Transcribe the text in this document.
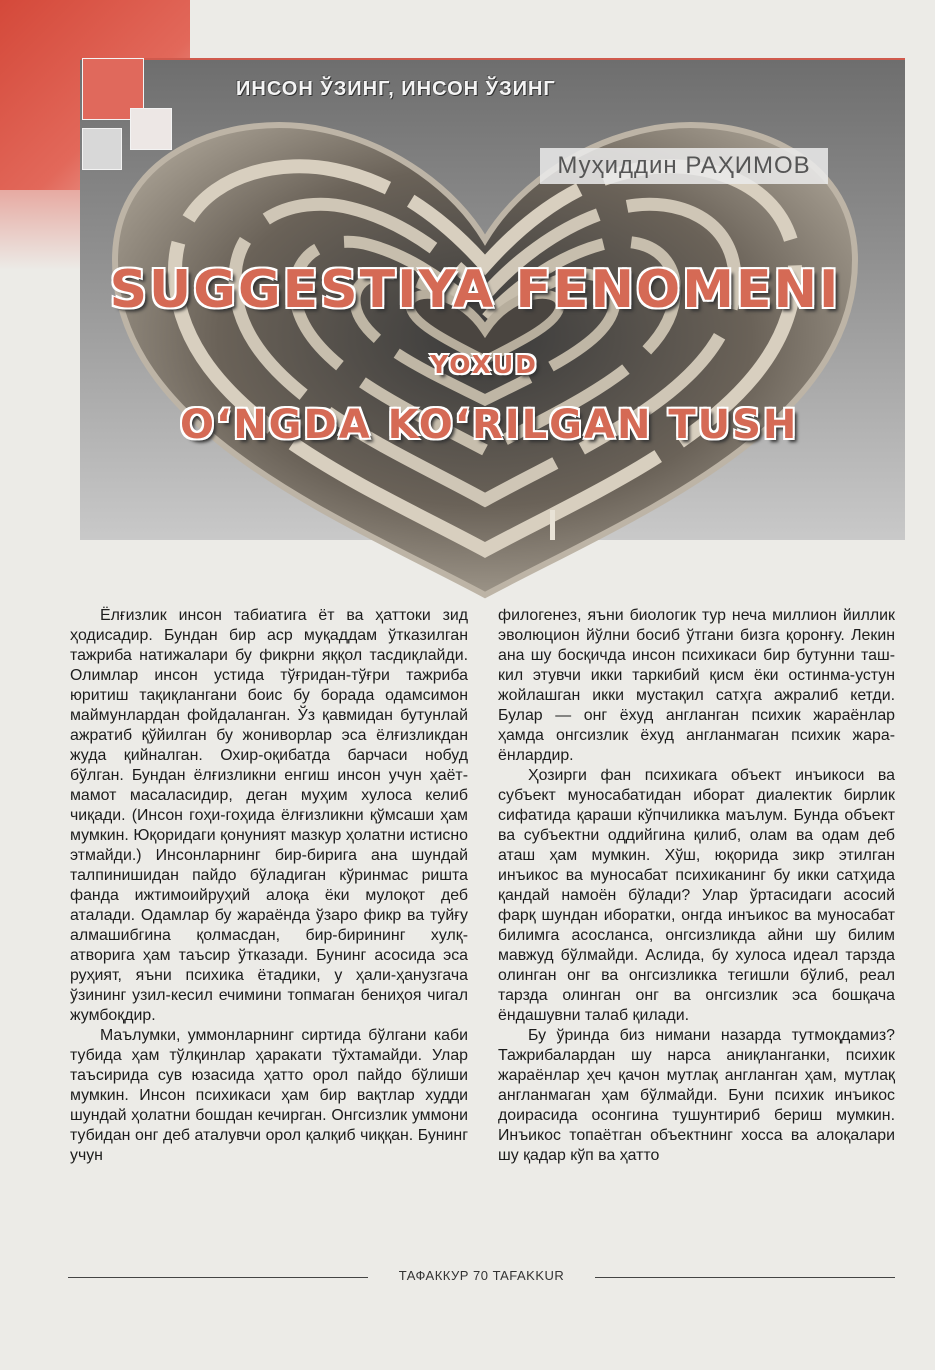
ИНСОН ЎЗИНГ, ИНСОН ЎЗИНГ
Муҳиддин РАҲИМОВ
SUGGESTIYA FENOMENI
YOXUD
O‘NGDA KO‘RILGAN TUSH

Ёлғизлик инсон табиатига ёт ва ҳаттоки зид ҳодисадир. Бундан бир аср муқаддам ўтказилган тажриба натижалари бу фикрни яққол тасдиқлайди. Олимлар инсон устида тўғридан-тўғри тажриба юритиш тақиқлангани боис бу борада одамсимон маймунлардан фойдаланган. Ўз қавмидан бутунлай ажратиб қўйилган бу жониворлар эса ёлғизликдан жуда қийналган. Охир-оқибатда барчаси нобуд бўлган. Бундан ёлғизликни енгиш инсон учун ҳаёт-мамот масаласидир, деган муҳим хулоса келиб чиқади. (Инсон гоҳи-гоҳида ёлғизликни қўмсаши ҳам мумкин. Юқоридаги қонуният мазкур ҳолатни истисно этмайди.) Инсонларнинг бир-бирига ана шундай талпинишидан пайдо бўладиган кўринмас ришта фанда ижтимоийруҳий алоқа ёки мулоқот деб аталади. Одамлар бу жараёнда ўзаро фикр ва туйғу алмашибгина қолмасдан, бир-бирининг хулқ-атворига ҳам таъсир ўтказади. Бунинг асосида эса руҳият, яъни психика ётадики, у ҳали-ҳанузгача ўзининг узил-кесил ечимини топмаган бениҳоя чигал жумбоқдир.

Маълумки, уммонларнинг сиртида бўлгани каби тубида ҳам тўлқинлар ҳаракати тўхтамайди. Улар таъсирида сув юзасида ҳатто орол пайдо бўлиши мумкин. Инсон психикаси ҳам бир вақтлар худди шундай ҳолатни бошдан кечирган. Онгсизлик уммони тубидан онг деб аталувчи орол қалқиб чиққан. Бунинг учун

филогенез, яъни биологик тур неча миллион йиллик эволюцион йўлни босиб ўтгани бизга қоронғу. Лекин ана шу босқичда инсон психикаси бир бутунни ташкил этувчи икки таркибий қисм ёки остинма-устун жойлашган икки мустақил сатҳга ажралиб кетди. Булар — онг ёхуд англанган психик жараёнлар ҳамда онгсизлик ёхуд англанмаган психик жараёнлардир.

Ҳозирги фан психикага объект инъикоси ва субъект муносабатидан иборат диалектик бирлик сифатида қараши кўпчиликка маълум. Бунда объект ва субъектни оддийгина қилиб, олам ва одам деб аташ ҳам мумкин. Хўш, юқорида зикр этилган инъикос ва муносабат психиканинг бу икки сатҳида қандай намоён бўлади? Улар ўртасидаги асосий фарқ шундан иборатки, онгда инъикос ва муносабат билимга асосланса, онгсизликда айни шу билим мавжуд бўлмайди. Аслида, бу хулоса идеал тарзда олинган онг ва онгсизликка тегишли бўлиб, реал тарзда олинган онг ва онгсизлик эса бошқача ёндашувни талаб қилади.

Бу ўринда биз нимани назарда тутмоқдамиз? Тажрибалардан шу нарса аниқланганки, психик жараёнлар ҳеч қачон мутлақ англанган ҳам, мутлақ англанмаган ҳам бўлмайди. Буни психик инъикос доирасида осонгина тушунтириб бериш мумкин. Инъикос топаётган объектнинг хосса ва алоқалари шу қадар кўп ва ҳатто

ТАФАККУР 70 TAFAKKUR
